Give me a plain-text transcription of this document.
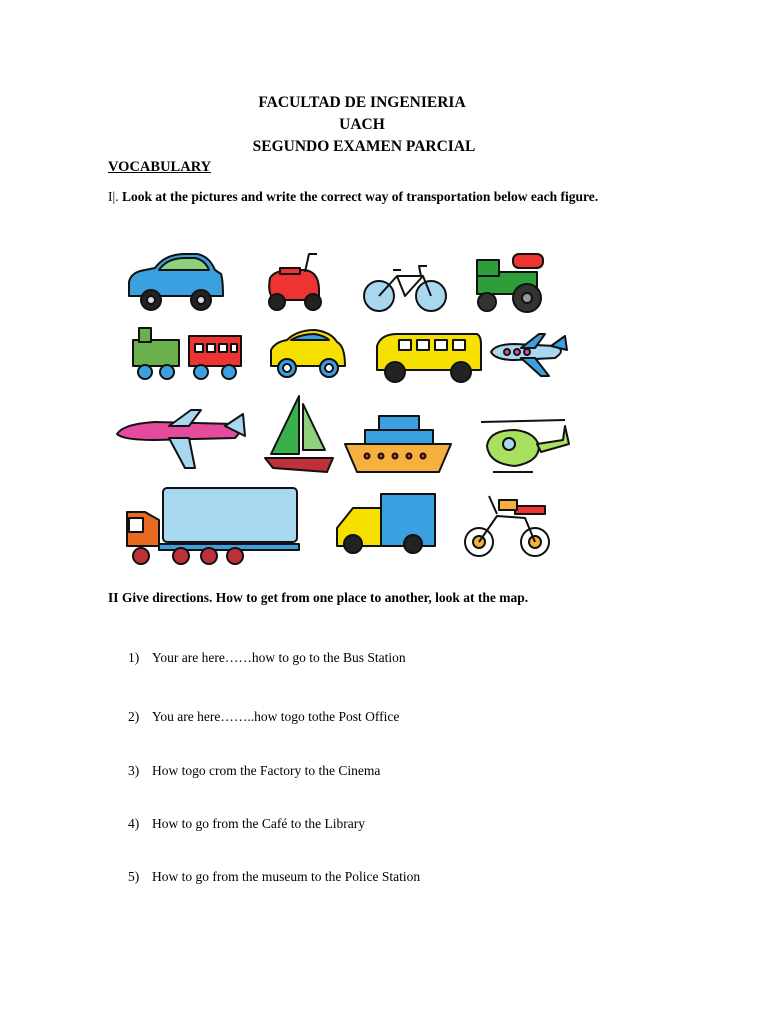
FACULTAD DE INGENIERIA
UACH
SEGUNDO EXAMEN PARCIAL
VOCABULARY
I|. Look at the pictures and write the correct way of transportation below each figure.
II Give directions. How to get from one place to another, look at the map.
1) Your are here……how to go to the Bus Station
2) You are here……..how togo tothe Post Office
3) How togo crom the Factory to the Cinema
4) How to go from the Café to the Library
5) How to go from the museum to the Police Station
